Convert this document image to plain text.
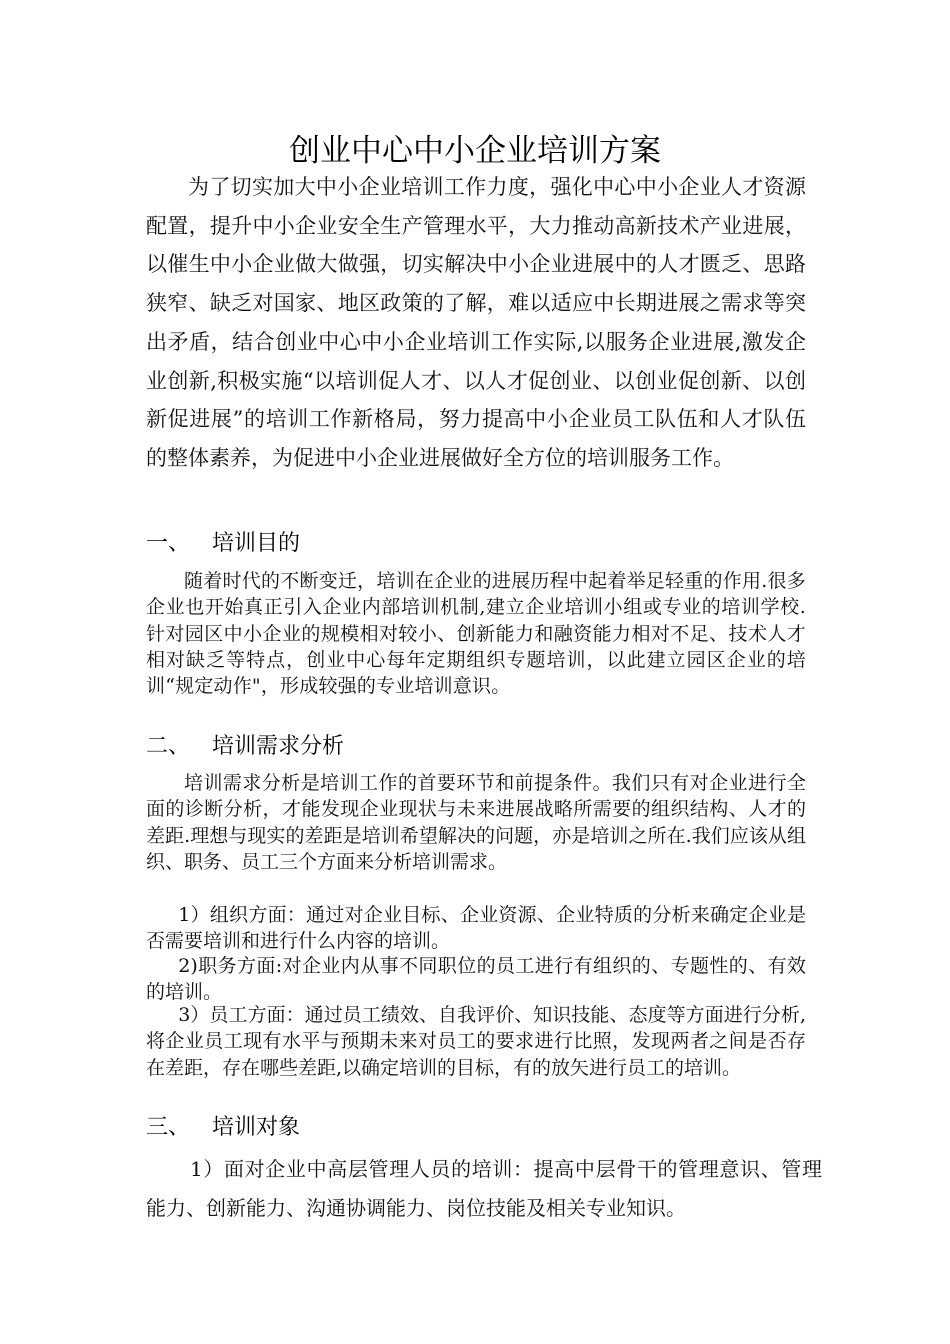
创业中心中小企业培训方案

为了切实加大中小企业培训工作力度，强化中心中小企业人才资源配置，提升中小企业安全生产管理水平，大力推动高新技术产业进展，以催生中小企业做大做强，切实解决中小企业进展中的人才匮乏、思路狭窄、缺乏对国家、地区政策的了解，难以适应中长期进展之需求等突出矛盾，结合创业中心中小企业培训工作实际,以服务企业进展,激发企业创新,积极实施“以培训促人才、以人才促创业、以创业促创新、以创新促进展”的培训工作新格局，努力提高中小企业员工队伍和人才队伍的整体素养，为促进中小企业进展做好全方位的培训服务工作。

一、 培训目的

随着时代的不断变迁，培训在企业的进展历程中起着举足轻重的作用.很多企业也开始真正引入企业内部培训机制,建立企业培训小组或专业的培训学校.针对园区中小企业的规模相对较小、创新能力和融资能力相对不足、技术人才相对缺乏等特点，创业中心每年定期组织专题培训，以此建立园区企业的培训“规定动作"，形成较强的专业培训意识。

二、 培训需求分析

培训需求分析是培训工作的首要环节和前提条件。我们只有对企业进行全面的诊断分析，才能发现企业现状与未来进展战略所需要的组织结构、人才的差距.理想与现实的差距是培训希望解决的问题，亦是培训之所在.我们应该从组织、职务、员工三个方面来分析培训需求。

1）组织方面：通过对企业目标、企业资源、企业特质的分析来确定企业是否需要培训和进行什么内容的培训。

2)职务方面:对企业内从事不同职位的员工进行有组织的、专题性的、有效的培训。

3）员工方面：通过员工绩效、自我评价、知识技能、态度等方面进行分析,将企业员工现有水平与预期未来对员工的要求进行比照，发现两者之间是否存在差距，存在哪些差距,以确定培训的目标，有的放矢进行员工的培训。

三、 培训对象

1）面对企业中高层管理人员的培训：提高中层骨干的管理意识、管理能力、创新能力、沟通协调能力、岗位技能及相关专业知识。
